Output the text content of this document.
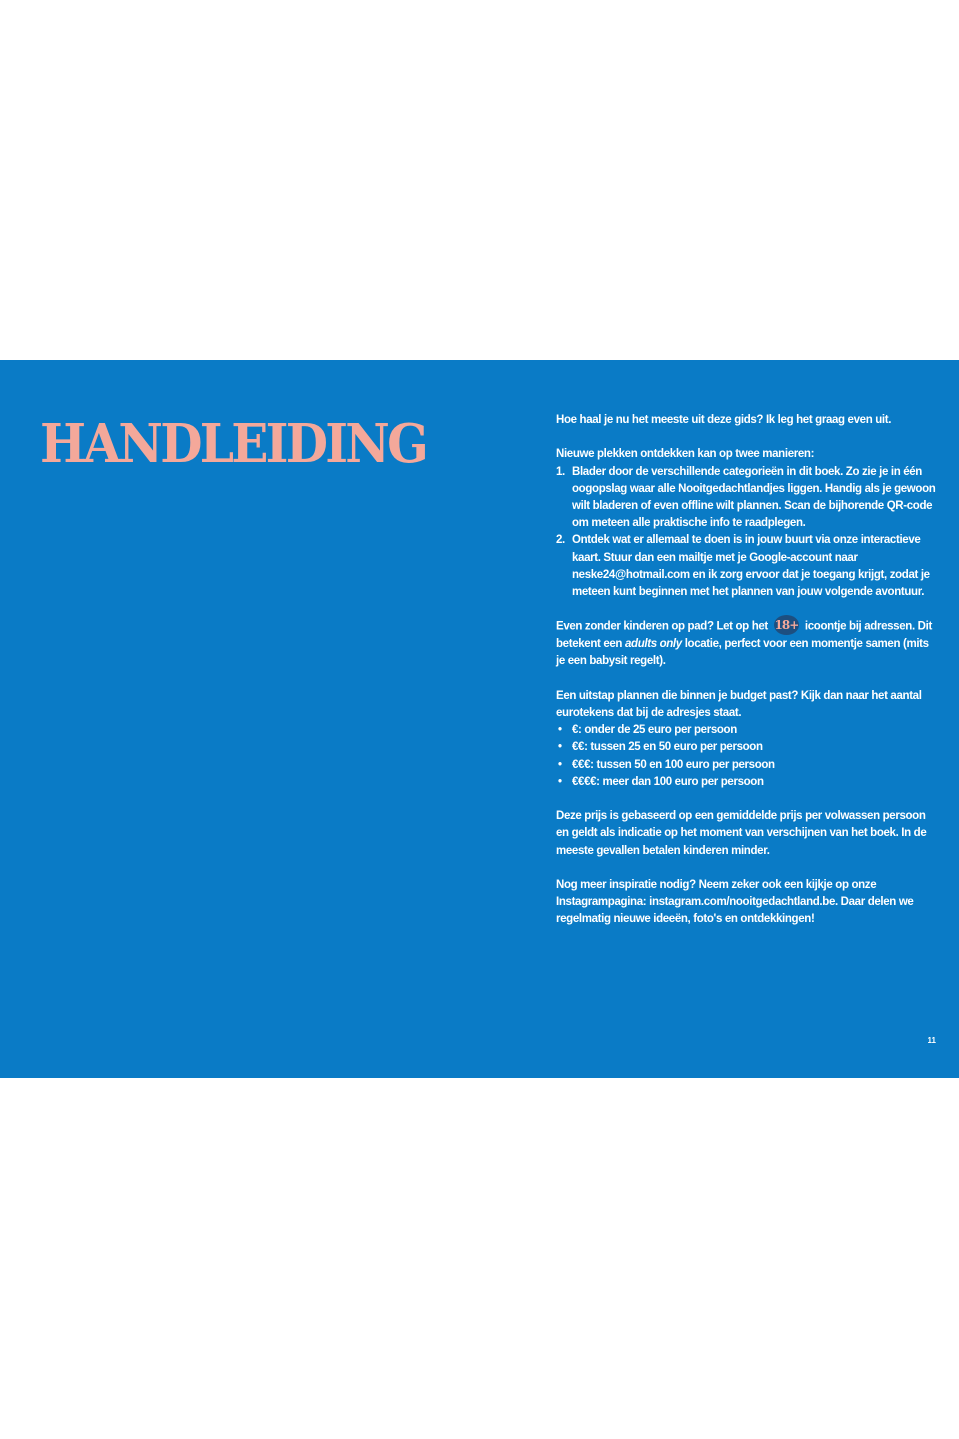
HANDLEIDING	Hoe haal je nu het meeste uit deze gids? Ik leg het graag even uit.

Nieuwe plekken ontdekken kan op twee manieren:

1. Blader door de verschillende categorieën in dit boek. Zo zie je in één oogopslag waar alle Nooitgedachtlandjes liggen. Handig als je gewoon wilt bladeren of even offline wilt plannen. Scan de bijhorende QR-code om meteen alle praktische info te raadplegen.
2. Ontdek wat er allemaal te doen is in jouw buurt via onze interactieve kaart. Stuur dan een mailtje met je Google-account naar neske24@hotmail.com en ik zorg ervoor dat je toegang krijgt, zodat je meteen kunt beginnen met het plannen van jouw volgende avontuur.

Even zonder kinderen op pad? Let op het 18+ icoontje bij adressen. Dit betekent een adults only locatie, perfect voor een momentje samen (mits je een babysit regelt).

Een uitstap plannen die binnen je budget past? Kijk dan naar het aantal eurotekens dat bij de adresjes staat.

• €: onder de 25 euro per persoon
• €€: tussen 25 en 50 euro per persoon
• €€€: tussen 50 en 100 euro per persoon
• €€€€: meer dan 100 euro per persoon

Deze prijs is gebaseerd op een gemiddelde prijs per volwassen persoon en geldt als indicatie op het moment van verschijnen van het boek. In de meeste gevallen betalen kinderen minder.

Nog meer inspiratie nodig? Neem zeker ook een kijkje op onze Instagrampagina: instagram.com/nooitgedachtland.be. Daar delen we regelmatig nieuwe ideeën, foto's en ontdekkingen!

11
